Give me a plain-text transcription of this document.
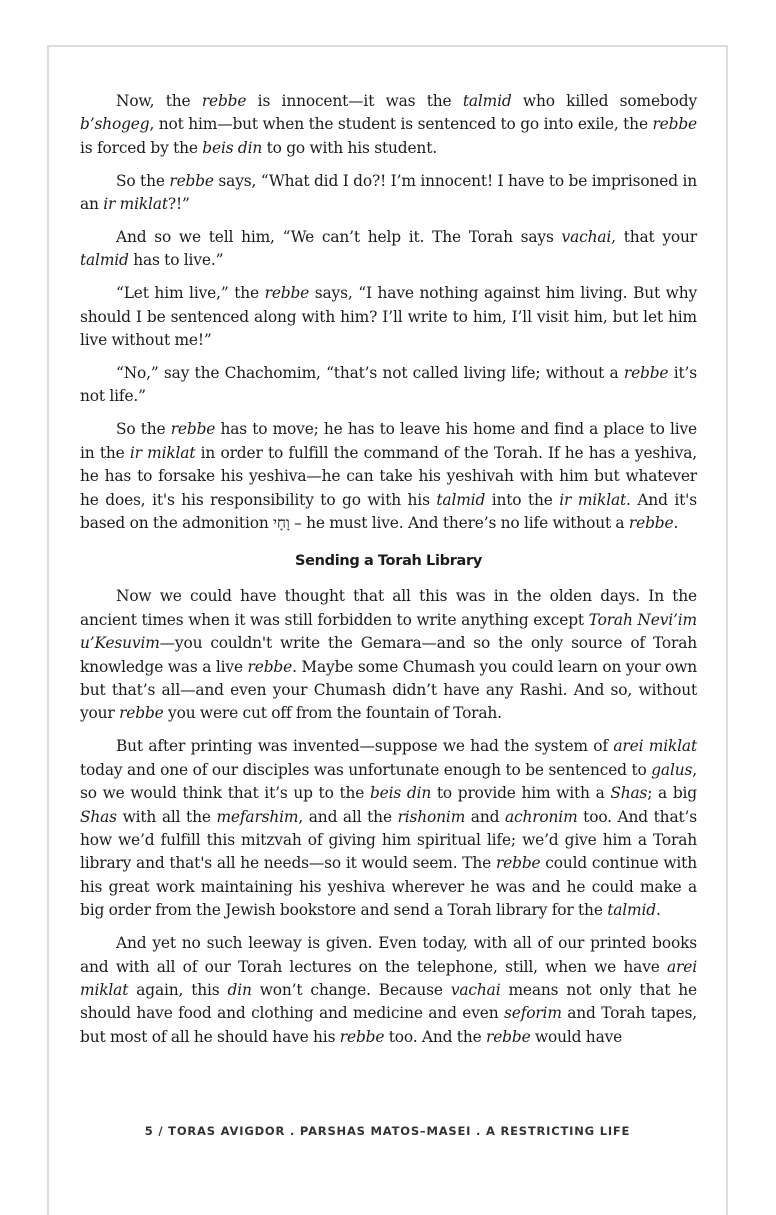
Now, the rebbe is innocent—it was the talmid who killed somebody b’shogeg, not him—but when the student is sentenced to go into exile, the rebbe is forced by the beis din to go with his student.

So the rebbe says, “What did I do?! I’m innocent! I have to be imprisoned in an ir miklat?!”

And so we tell him, “We can’t help it. The Torah says vachai, that your talmid has to live.”

“Let him live,” the rebbe says, “I have nothing against him living. But why should I be sentenced along with him? I’ll write to him, I’ll visit him, but let him live without me!”

“No,” say the Chachomim, “that’s not called living life; without a rebbe it’s not life.”

So the rebbe has to move; he has to leave his home and find a place to live in the ir miklat in order to fulfill the command of the Torah. If he has a yeshiva, he has to forsake his yeshiva—he can take his yeshivah with him but whatever he does, it's his responsibility to go with his talmid into the ir miklat. And it's based on the admonition וָחָי – he must live. And there’s no life without a rebbe.

Sending a Torah Library

Now we could have thought that all this was in the olden days. In the ancient times when it was still forbidden to write anything except Torah Nevi’im u’Kesuvim—you couldn't write the Gemara—and so the only source of Torah knowledge was a live rebbe. Maybe some Chumash you could learn on your own but that’s all—and even your Chumash didn’t have any Rashi. And so, without your rebbe you were cut off from the fountain of Torah.

But after printing was invented—suppose we had the system of arei miklat today and one of our disciples was unfortunate enough to be sentenced to galus, so we would think that it’s up to the beis din to provide him with a Shas; a big Shas with all the mefarshim, and all the rishonim and achronim too. And that’s how we’d fulfill this mitzvah of giving him spiritual life; we’d give him a Torah library and that's all he needs—so it would seem. The rebbe could continue with his great work maintaining his yeshiva wherever he was and he could make a big order from the Jewish bookstore and send a Torah library for the talmid.

And yet no such leeway is given. Even today, with all of our printed books and with all of our Torah lectures on the telephone, still, when we have arei miklat again, this din won’t change. Because vachai means not only that he should have food and clothing and medicine and even seforim and Torah tapes, but most of all he should have his rebbe too. And the rebbe would have

5 / TORAS AVIGDOR . PARSHAS MATOS–MASEI . A RESTRICTING LIFE
